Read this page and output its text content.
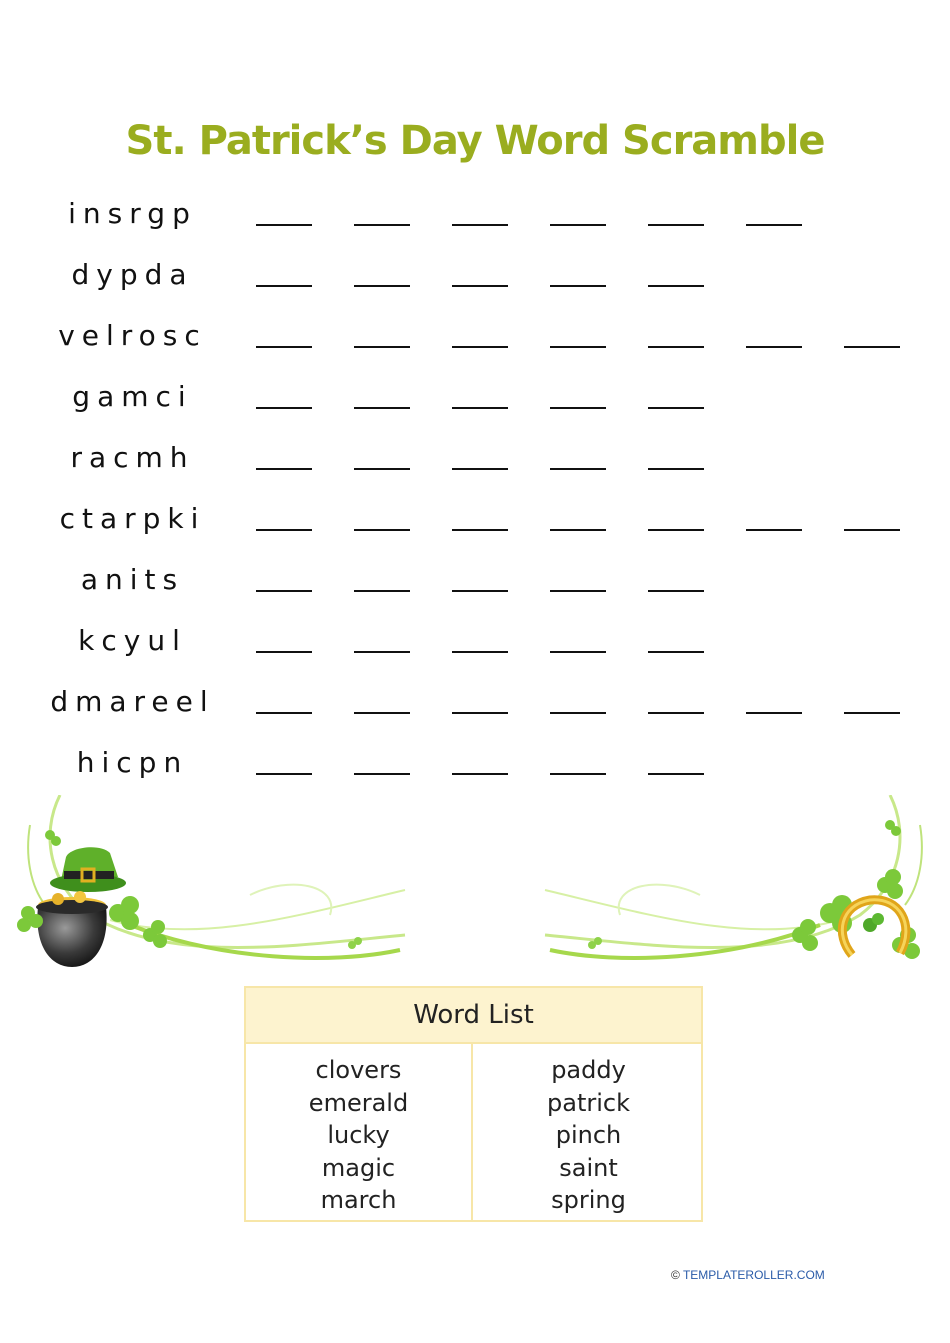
St. Patrick’s Day Word Scramble
insrgp
dypda
velrosc
gamci
racmh
ctarpki
anits
kcyul
dmareel
hicpn
Word List
clovers
emerald
lucky
magic
march
paddy
patrick
pinch
saint
spring
© TEMPLATEROLLER.COM
